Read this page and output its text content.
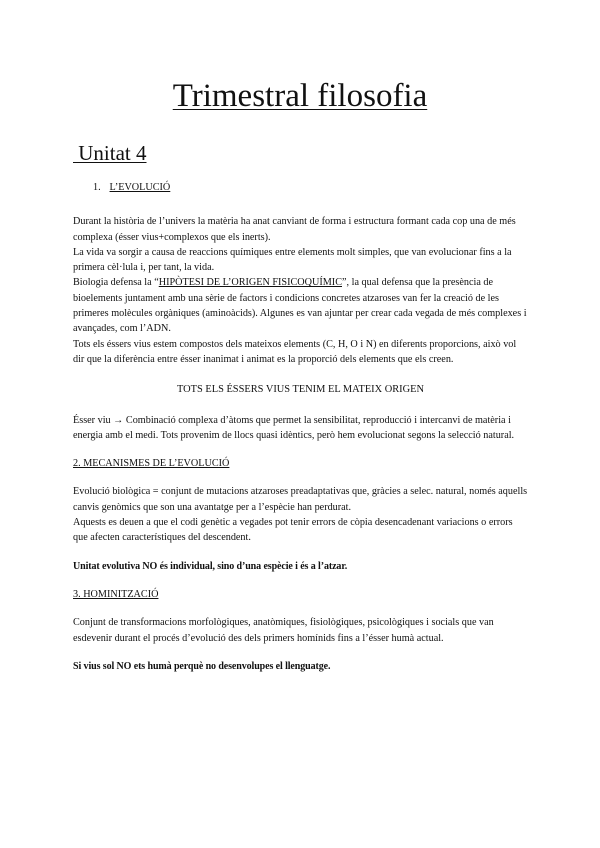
Trimestral filosofia
Unitat 4
1. L’EVOLUCIÓ

Durant la història de l’univers la matèria ha anat canviant de forma i estructura formant cada cop una de més complexa (ésser vius+complexos que els inerts).

La vida va sorgir a causa de reaccions químiques entre elements molt simples, que van evolucionar fins a la primera cèl·lula i, per tant, la vida.

Biologia defensa la “HIPÒTESI DE L’ORIGEN FISICOQUÍMIC”, la qual defensa que la presència de bioelements juntament amb una sèrie de factors i condicions concretes atzaroses van fer la creació de les primeres molècules orgàniques (aminoàcids). Algunes es van ajuntar per crear cada vegada de més complexes i avançades, com l’ADN.

Tots els éssers vius estem compostos dels mateixos elements (C, H, O i N) en diferents proporcions, això vol dir que la diferència entre ésser inanimat i animat es la proporció dels elements que els creen.

TOTS ELS ÉSSERS VIUS TENIM EL MATEIX ORIGEN

Ésser viu → Combinació complexa d’àtoms que permet la sensibilitat, reproducció i intercanvi de matèria i energia amb el medi. Tots provenim de llocs quasi idèntics, però hem evolucionat segons la selecció natural.

2. MECANISMES DE L’EVOLUCIÓ

Evolució biològica = conjunt de mutacions atzaroses preadaptativas que, gràcies a selec. natural, només aquells canvis genòmics que son una avantatge per a l’espècie han perdurat.

Aquests es deuen a que el codi genètic a vegades pot tenir errors de còpia desencadenant variacions o errors que afecten característiques del descendent.

Unitat evolutiva NO és individual, sino d’una espècie i és a l’atzar.

3. HOMINITZACIÓ

Conjunt de transformacions morfològiques, anatòmiques, fisiològiques, psicològiques i socials que van esdevenir durant el procés d’evolució des dels primers homínids fins a l’ésser humà actual.

Si vius sol NO ets humà perquè no desenvolupes el llenguatge.
